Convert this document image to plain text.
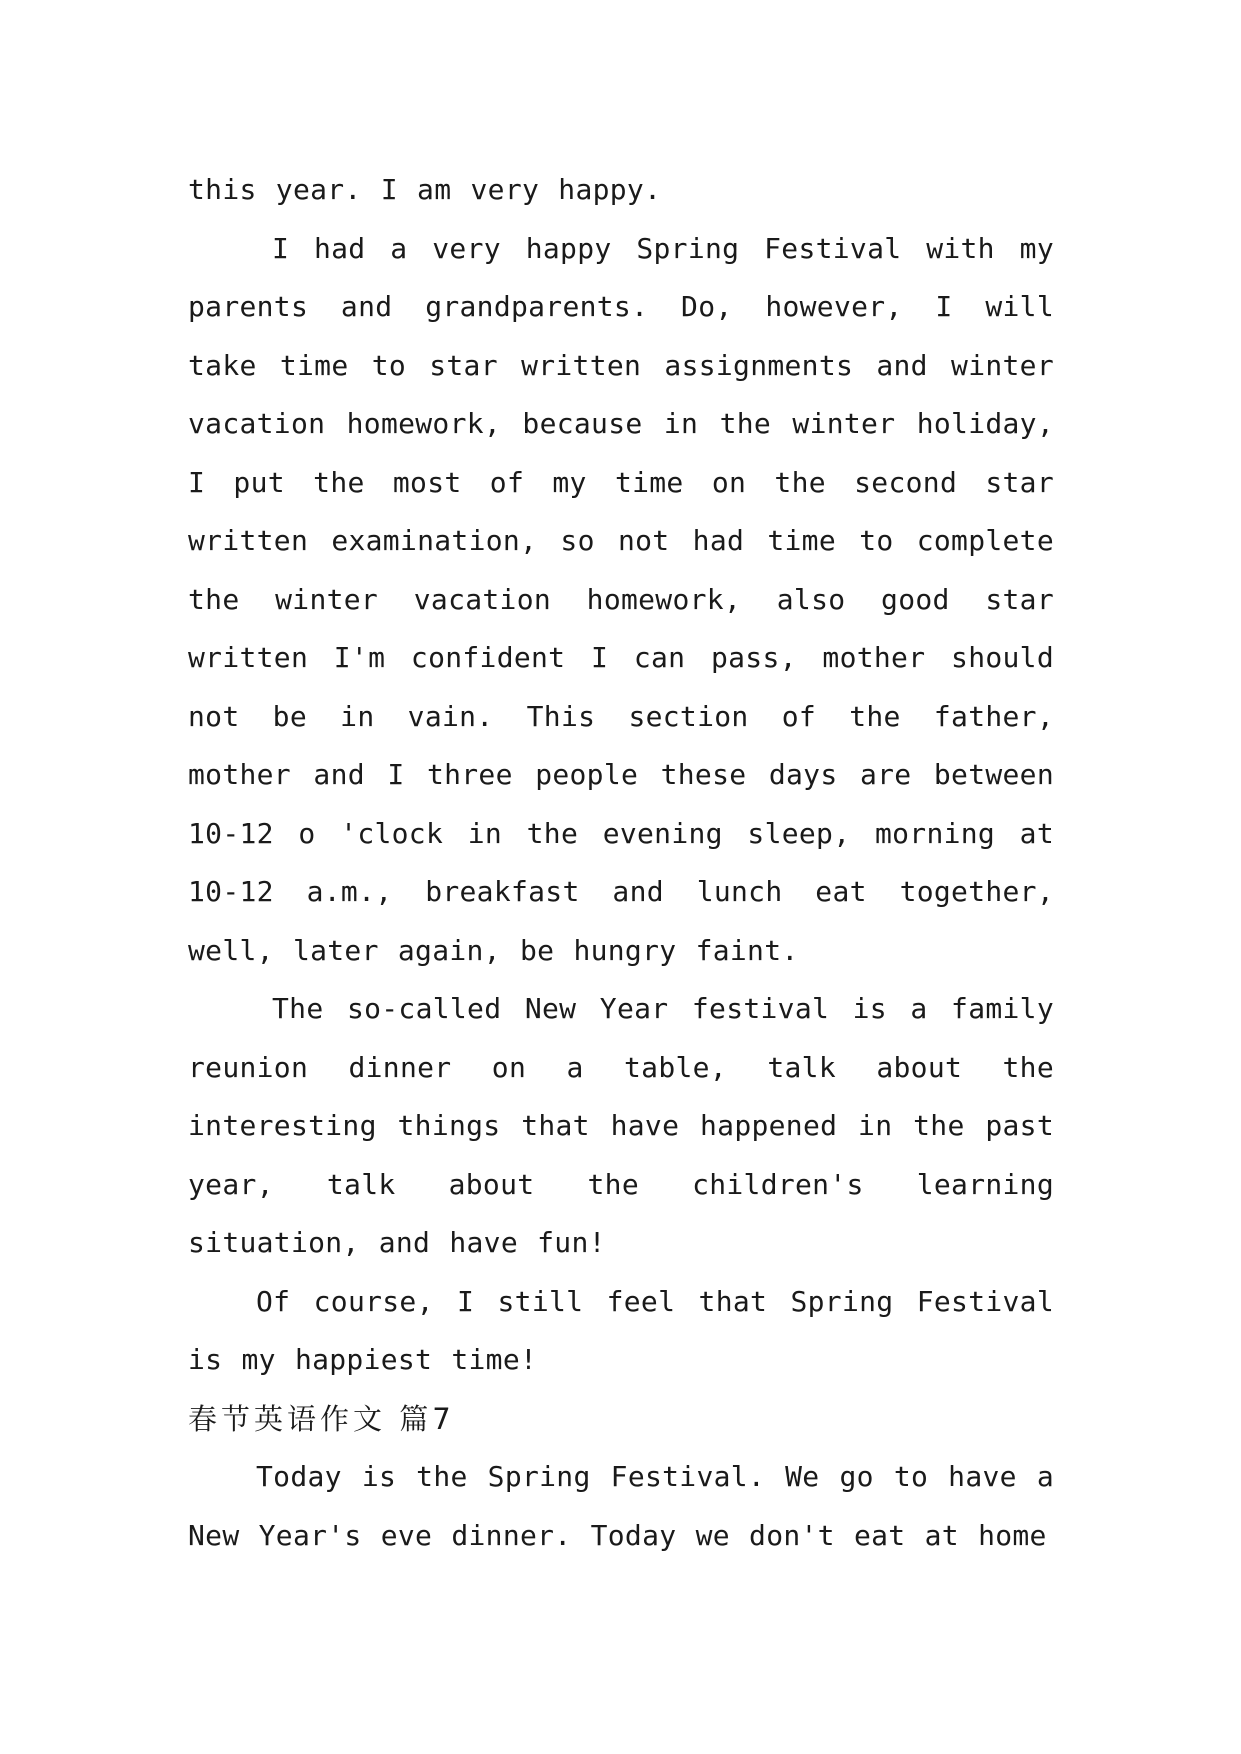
this year. I am very happy.

I had a very happy Spring Festival with my parents and grandparents. Do, however, I will take time to star written assignments and winter vacation homework, because in the winter holiday, I put the most of my time on the second star written examination, so not had time to complete the winter vacation homework, also good star written I'm confident I can pass, mother should not be in vain. This section of the father, mother and I three people these days are between 10-12 o 'clock in the evening sleep, morning at 10-12 a.m., breakfast and lunch eat together, well, later again, be hungry faint.

The so-called New Year festival is a family reunion dinner on a table, talk about the interesting things that have happened in the past year, talk about the children's learning situation, and have fun!

Of course, I still feel that Spring Festival is my happiest time!

春节英语作文 篇7

Today is the Spring Festival. We go to have a New Year's eve dinner. Today we don't eat at home
